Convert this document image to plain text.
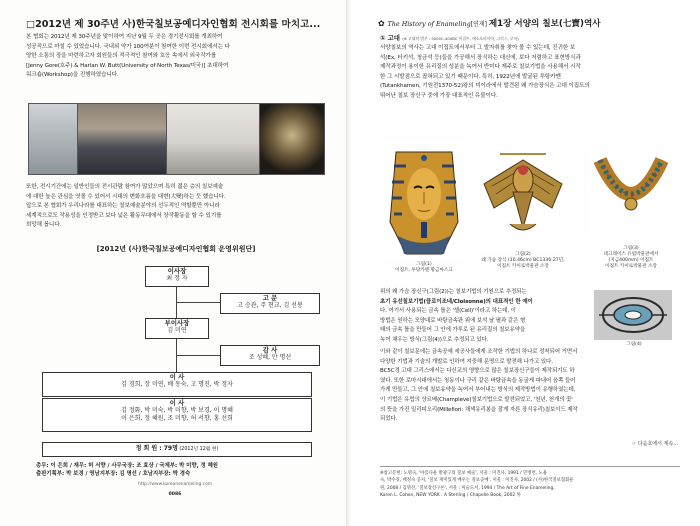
□2012년 제 30주년 사)한국칠보공예디자인협회 전시회를 마치고...
본 협회는 2012년 제 30주년을 맞이하여 지난 9월 두 곳은 경기전시회를 개최하여
성공적으로 마칠 수 있었습니다. 국내외 약가 100여분이 참여한 이번 전시회에서는 다
양한 소통의 장을 마련하고자 회원들의 적극적인 참여와 호응 속에서 외국작가를
[Jenny Gore(호주) & Harlan W. Butt(University of North Texas/미국)] 초대하여
워크숍(Workshop)을 진행하였습니다.
또한, 전시기간에는 일반인들의 전시관람 참여가 많았으며 특히 젊은 층의 칠보예술
에 대한 높은 관심을 엿볼 수 있어서 시대의 변화흐름을 대변(大變)하는 듯 했습니다.
앞으로 본 협회가 우리나라를 대표하는 칠보예술분야의 선두적인 역할뿐만 아니라
세계적으로도 작용성을 인정받고 보다 넓은 활동무대에서 장작활동을 할 수 있기를
희망해 봅니다.
[2012년 (사)한국칠보공예디자인협회 운영위원단]
이사장
최 정 자
고 문
고 승관, 주 현교, 김 선봉
부이사장
김 미연
감 사
조 성혜, 안 명선
이 사
김 경희, 장 미연, 배 동숙, 고 명진, 박 정자
이 사
김 정화, 박 미숙, 박 미향, 박 보경, 이 명혜
이 은희, 정 혜원, 조 미향, 허 서향, 홍 선희
정 회 원 : 79명 (2012년 12월 현)
총무: 이 은희 / 재무: 허 서향 / 사무국장: 조 효상 / 국제부: 박 미향, 정 혜원
출판기획부: 박 보경 / 영남지부장: 김 명선 / 호남지부장: 박 경숙
http://www.koreanenameling.com
0086
✿ The History of Enameling[연재] 제1장 서양의 칠보(七寶)역사
① 고대 (※ 고대의 범주 : 5000C-400BC 이집트, 메소포타미아, 그리스, 로마)
서양칠보의 역사는 고대 이집트에서부터 그 발자취를 찾아 볼 수 있는데, 진귀한 보
석(Ex, 터키석, 청금석 등)들을 가공해서 장식하는 대신에, 보다 저렴하고 표현방식과
제작과정이 용이한 유리질의 성분을 녹여서 반미다 제주로 칠보기법을 사용해서 시작
한 그 시발점으로 꼽혀되고 있기 때문이다. 특히, 1922년에 발굴된 투탕카멘
(Tutankhamen, 기원전1370-52)왕의 미이라에서 발견된 왜 가슴장식은 고대 이집트의
뛰어난 칠보 장신구 중에 가장 대표적인 유물이다.
그림(1)
이집트, 투탕카멘 황금마스크
그림(2)
왜 가슴 장식 (10.46cm) BC1336-27년,
이집트 카이로박물관 소장
그림(3)
네크레이스 유럽박물관에서
(지금400mm) 이집트
이집트 카이로박물관 소장
위의 왜 가슴 장신구(그림(2))는 칠보기법의 기원으로 추정되는
초기 유선칠보기법(클로이조네/Cloisonne)의 대표적인 한 예이
다. 여기서 사용되는 금속 틀은 '셀(Cell)'이라고 하는데, 이
방법은 원하는 모양대로 바탕금속판 위에 보석 날 펼과 같은 형
태의 금속 틀을 만들어 그 안에 가루로 된 유리질의 칠보유약을
녹여 채우는 방식(그림(4))으로 추정되고 있다.
그림(4)
이와 같이 칠보문에는 금속공예 세공사들에게 조작한 기법의 하나로 정착되어 거면서
다양한 기법과 기술의 개발로 인하여 지중해 문명으로 발전해 나가고 있다.
BC5C경 고대 그리스에서는 다신교의 영향으로 많은 칠보장신구들이 제작되기도 하
였다. 또한 로마시대에서는 청동이나 구리 같은 바탕금속을 동굴게 파내어 음쪽 들어
가게 만들고, 그 안에 칠보유약을 녹여서 부어내는 방식의 제작방법이 유행하였는데,
이 기법은 유럽의 샹르베(Champleve)칠보기법으로 발전되었고, '천년, 천개의 꽃'
의 뜻을 가진 밀리피오리(Millefiori: 채색유리봉을 잘게 자른 장식유리)칠보이드 제작
되었다.
☞ 다음호에서 계속...
※참고문헌: 노명숙, '아름다운 발광구의 칠보 예술', 서울 : 미진사, 1991 / 민병련, 노용
숙, 박수경, 배정숙 공저, '칠보 재미있게 배우는 칠보공예', 서울 : 미진사, 2002 / (사)한국칠보협회운
원, 2008 / 김명선, '칠보장신구론', 서울 : 미술도서, 1994 / The Art of Fine Enameling,
Karen L. Cohen, NEW YORK : A Sterling / Chapelle Book, 2002 外
